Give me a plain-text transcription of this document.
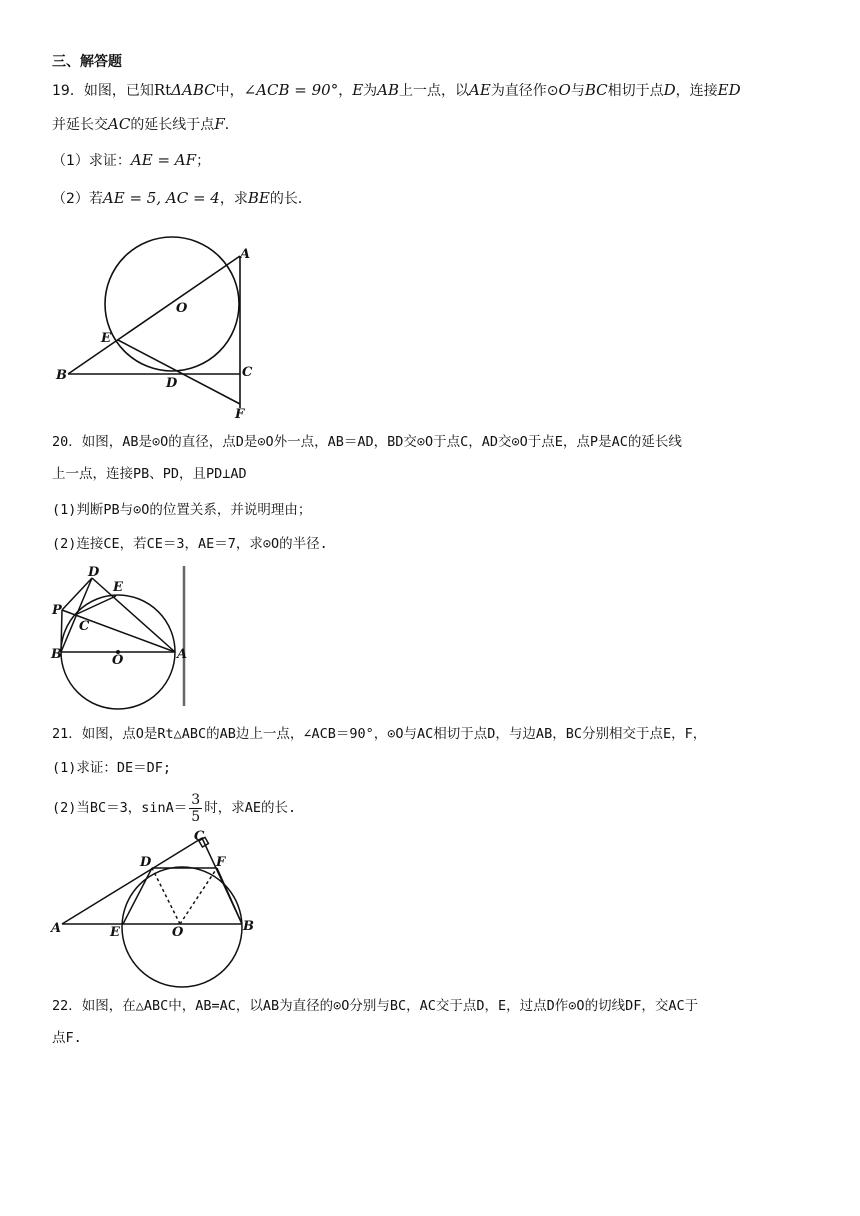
三、解答题
19．如图，已知RtΔABC中，∠ACB = 90°，E为AB上一点，以AE为直径作⊙O与BC相切于点D，连接ED
并延长交AC的延长线于点F．
（1）求证：AE = AF；
（2）若AE = 5, AC = 4，求BE的长．
A
O
E
B
D
C
F
20．如图，AB是⊙O的直径，点D是⊙O外一点，AB＝AD，BD交⊙O于点C，AD交⊙O于点E，点P是AC的延长线
上一点，连接PB、PD，且PD⊥AD
(1)判断PB与⊙O的位置关系，并说明理由；
(2)连接CE，若CE＝3，AE＝7，求⊙O的半径.
D
E
P
C
B	O	A
21．如图，点O是Rt△ABC的AB边上一点，∠ACB＝90°，⊙O与AC相切于点D，与边AB，BC分别相交于点E，F，
(1)求证：DE＝DF;
(2)当BC＝3，$\sin A= \frac{3}{5}$ 时，求AE的长.
C
D	F
A	E	O	B
22．如图，在△ABC中，AB=AC，以AB为直径的⊙O分别与BC，AC交于点D，E，过点D作⊙O的切线DF，交AC于
点F.
